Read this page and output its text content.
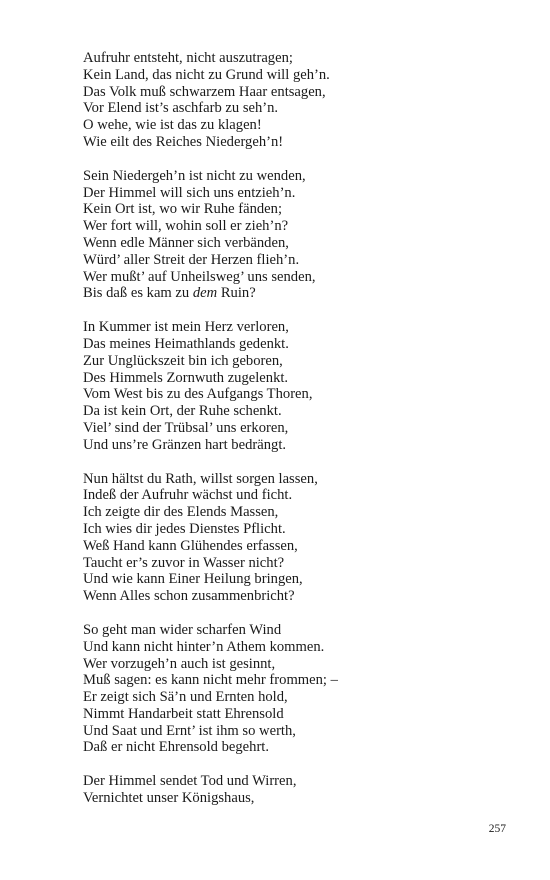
Aufruhr entsteht, nicht auszutragen;
Kein Land, das nicht zu Grund will geh’n.
Das Volk muß schwarzem Haar entsagen,
Vor Elend ist’s aschfarb zu seh’n.
O wehe, wie ist das zu klagen!
Wie eilt des Reiches Niedergeh’n!
Sein Niedergeh’n ist nicht zu wenden,
Der Himmel will sich uns entzieh’n.
Kein Ort ist, wo wir Ruhe fänden;
Wer fort will, wohin soll er zieh’n?
Wenn edle Männer sich verbänden,
Würd’ aller Streit der Herzen flieh’n.
Wer mußt’ auf Unheilsweg’ uns senden,
Bis daß es kam zu dem Ruin?
In Kummer ist mein Herz verloren,
Das meines Heimathlands gedenkt.
Zur Unglückszeit bin ich geboren,
Des Himmels Zornwuth zugelenkt.
Vom West bis zu des Aufgangs Thoren,
Da ist kein Ort, der Ruhe schenkt.
Viel’ sind der Trübsal’ uns erkoren,
Und uns’re Gränzen hart bedrängt.
Nun hältst du Rath, willst sorgen lassen,
Indeß der Aufruhr wächst und ficht.
Ich zeigte dir des Elends Massen,
Ich wies dir jedes Dienstes Pflicht.
Weß Hand kann Glühendes erfassen,
Taucht er’s zuvor in Wasser nicht?
Und wie kann Einer Heilung bringen,
Wenn Alles schon zusammenbricht?
So geht man wider scharfen Wind
Und kann nicht hinter’n Athem kommen.
Wer vorzugeh’n auch ist gesinnt,
Muß sagen: es kann nicht mehr frommen; –
Er zeigt sich Sä’n und Ernten hold,
Nimmt Handarbeit statt Ehrensold
Und Saat und Ernt’ ist ihm so werth,
Daß er nicht Ehrensold begehrt.
Der Himmel sendet Tod und Wirren,
Vernichtet unser Königshaus,
257
